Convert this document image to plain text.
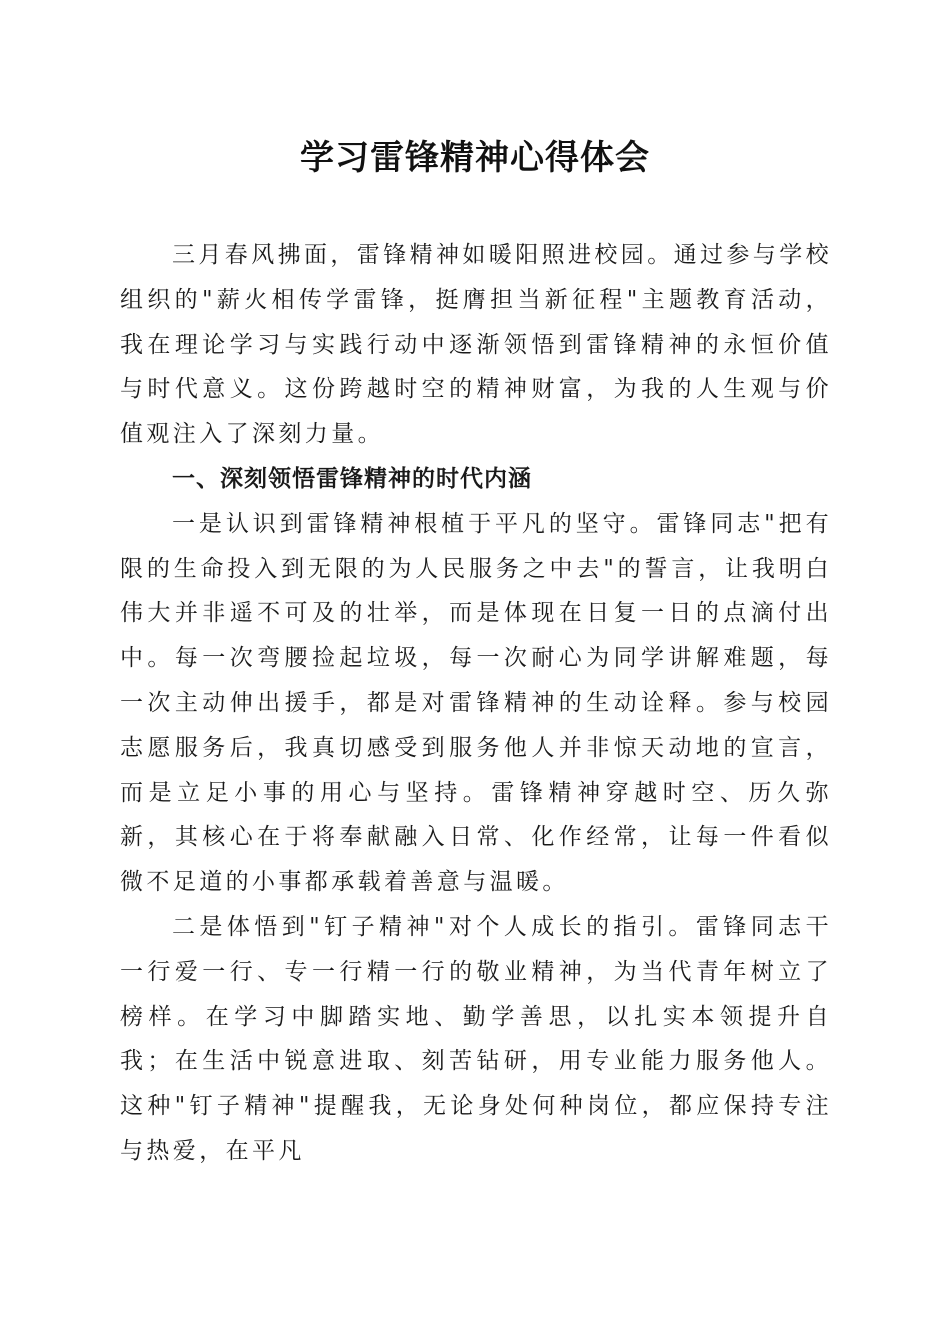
学习雷锋精神心得体会

三月春风拂面，雷锋精神如暖阳照进校园。通过参与学校组织的"薪火相传学雷锋，挺膺担当新征程"主题教育活动，我在理论学习与实践行动中逐渐领悟到雷锋精神的永恒价值与时代意义。这份跨越时空的精神财富，为我的人生观与价值观注入了深刻力量。

一、深刻领悟雷锋精神的时代内涵

一是认识到雷锋精神根植于平凡的坚守。雷锋同志"把有限的生命投入到无限的为人民服务之中去"的誓言，让我明白伟大并非遥不可及的壮举，而是体现在日复一日的点滴付出中。每一次弯腰捡起垃圾，每一次耐心为同学讲解难题，每一次主动伸出援手，都是对雷锋精神的生动诠释。参与校园志愿服务后，我真切感受到服务他人并非惊天动地的宣言，而是立足小事的用心与坚持。雷锋精神穿越时空、历久弥新，其核心在于将奉献融入日常、化作经常，让每一件看似微不足道的小事都承载着善意与温暖。

二是体悟到"钉子精神"对个人成长的指引。雷锋同志干一行爱一行、专一行精一行的敬业精神，为当代青年树立了榜样。在学习中脚踏实地、勤学善思，以扎实本领提升自我；在生活中锐意进取、刻苦钻研，用专业能力服务他人。这种"钉子精神"提醒我，无论身处何种岗位，都应保持专注与热爱，在平凡
